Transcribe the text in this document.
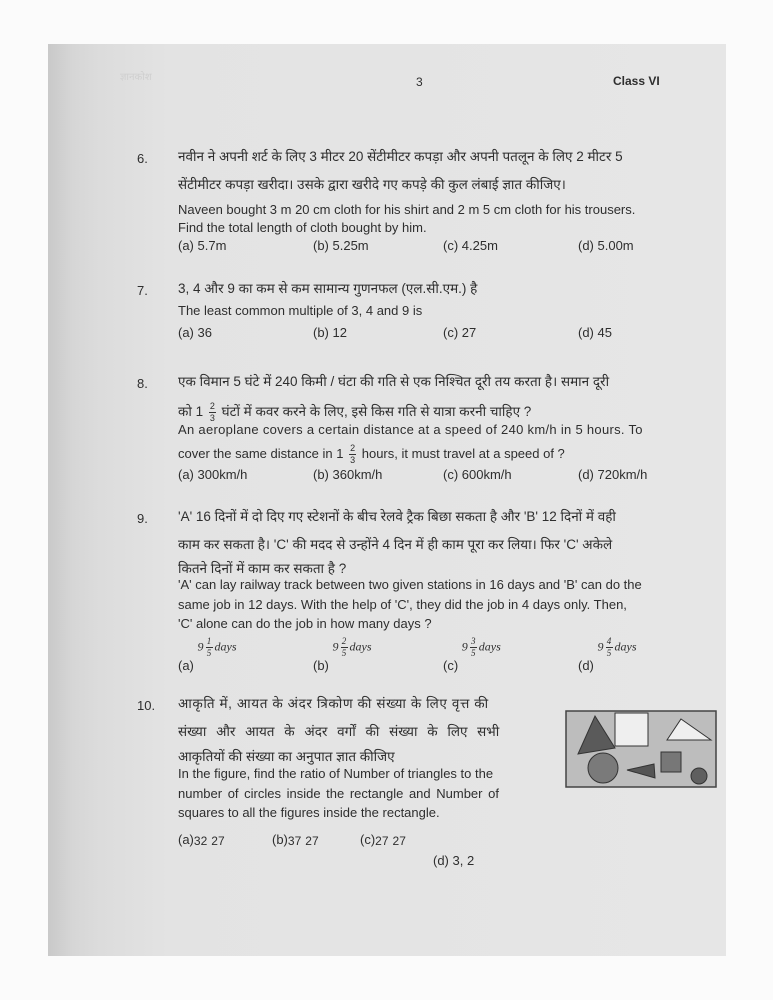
ज्ञानकोश	3	Class VI
6. नवीन ने अपनी शर्ट के लिए 3 मीटर 20 सेंटीमीटर कपड़ा और अपनी पतलून के लिए 2 मीटर 5
सेंटीमीटर कपड़ा खरीदा। उसके द्वारा खरीदे गए कपड़े की कुल लंबाई ज्ञात कीजिए।
Naveen bought 3 m 20 cm cloth for his shirt and 2 m 5 cm cloth for his trousers.
Find the total length of cloth bought by him.
(a) 5.7m	(b) 5.25m	(c) 4.25m	(d) 5.00m
7. 3, 4 और 9 का कम से कम सामान्य गुणनफल (एल.सी.एम.) है
The least common multiple of 3, 4 and 9 is
(a) 36	(b) 12	(c) 27	(d) 45
8. एक विमान 5 घंटे में 240 किमी / घंटा की गति से एक निश्चित दूरी तय करता है। समान दूरी
को $1 \frac{2}{3}$ घंटों में कवर करने के लिए, इसे किस गति से यात्रा करनी चाहिए ?
An aeroplane covers a certain distance at a speed of 240 km/h in 5 hours. To
cover the same distance in $1 \frac{2}{3}$ hours, it must travel at a speed of ?
(a) 300km/h	(b) 360km/h	(c) 600km/h	(d) 720km/h
9. 'A' 16 दिनों में दो दिए गए स्टेशनों के बीच रेलवे ट्रैक बिछा सकता है और 'B' 12 दिनों में वही
काम कर सकता है। 'C' की मदद से उन्होंने 4 दिन में ही काम पूरा कर लिया। फिर 'C' अकेले
कितने दिनों में काम कर सकता है ?
'A' can lay railway track between two given stations in 16 days and 'B' can do the
same job in 12 days. With the help of 'C', they did the job in 4 days only. Then,
'C' alone can do the job in how many days ?
(a) $9 \frac{1}{5}$ days
(b) $9 \frac{2}{5}$ days
(c) $9 \frac{3}{5}$ days
(d) $9 \frac{4}{5}$ days
10. आकृति में, आयत के अंदर त्रिकोण की संख्या के लिए वृत्त की
संख्या और आयत के अंदर वर्गों की संख्या के लिए सभी
आकृतियों की संख्या का अनुपात ज्ञात कीजिए
In the figure, find the ratio of Number of triangles to the
number of circles inside the rectangle and Number of
squares to all the figures inside the rectangle.
(a)32 27	(b)37 27	(c)27 27
(d) 3, 2
